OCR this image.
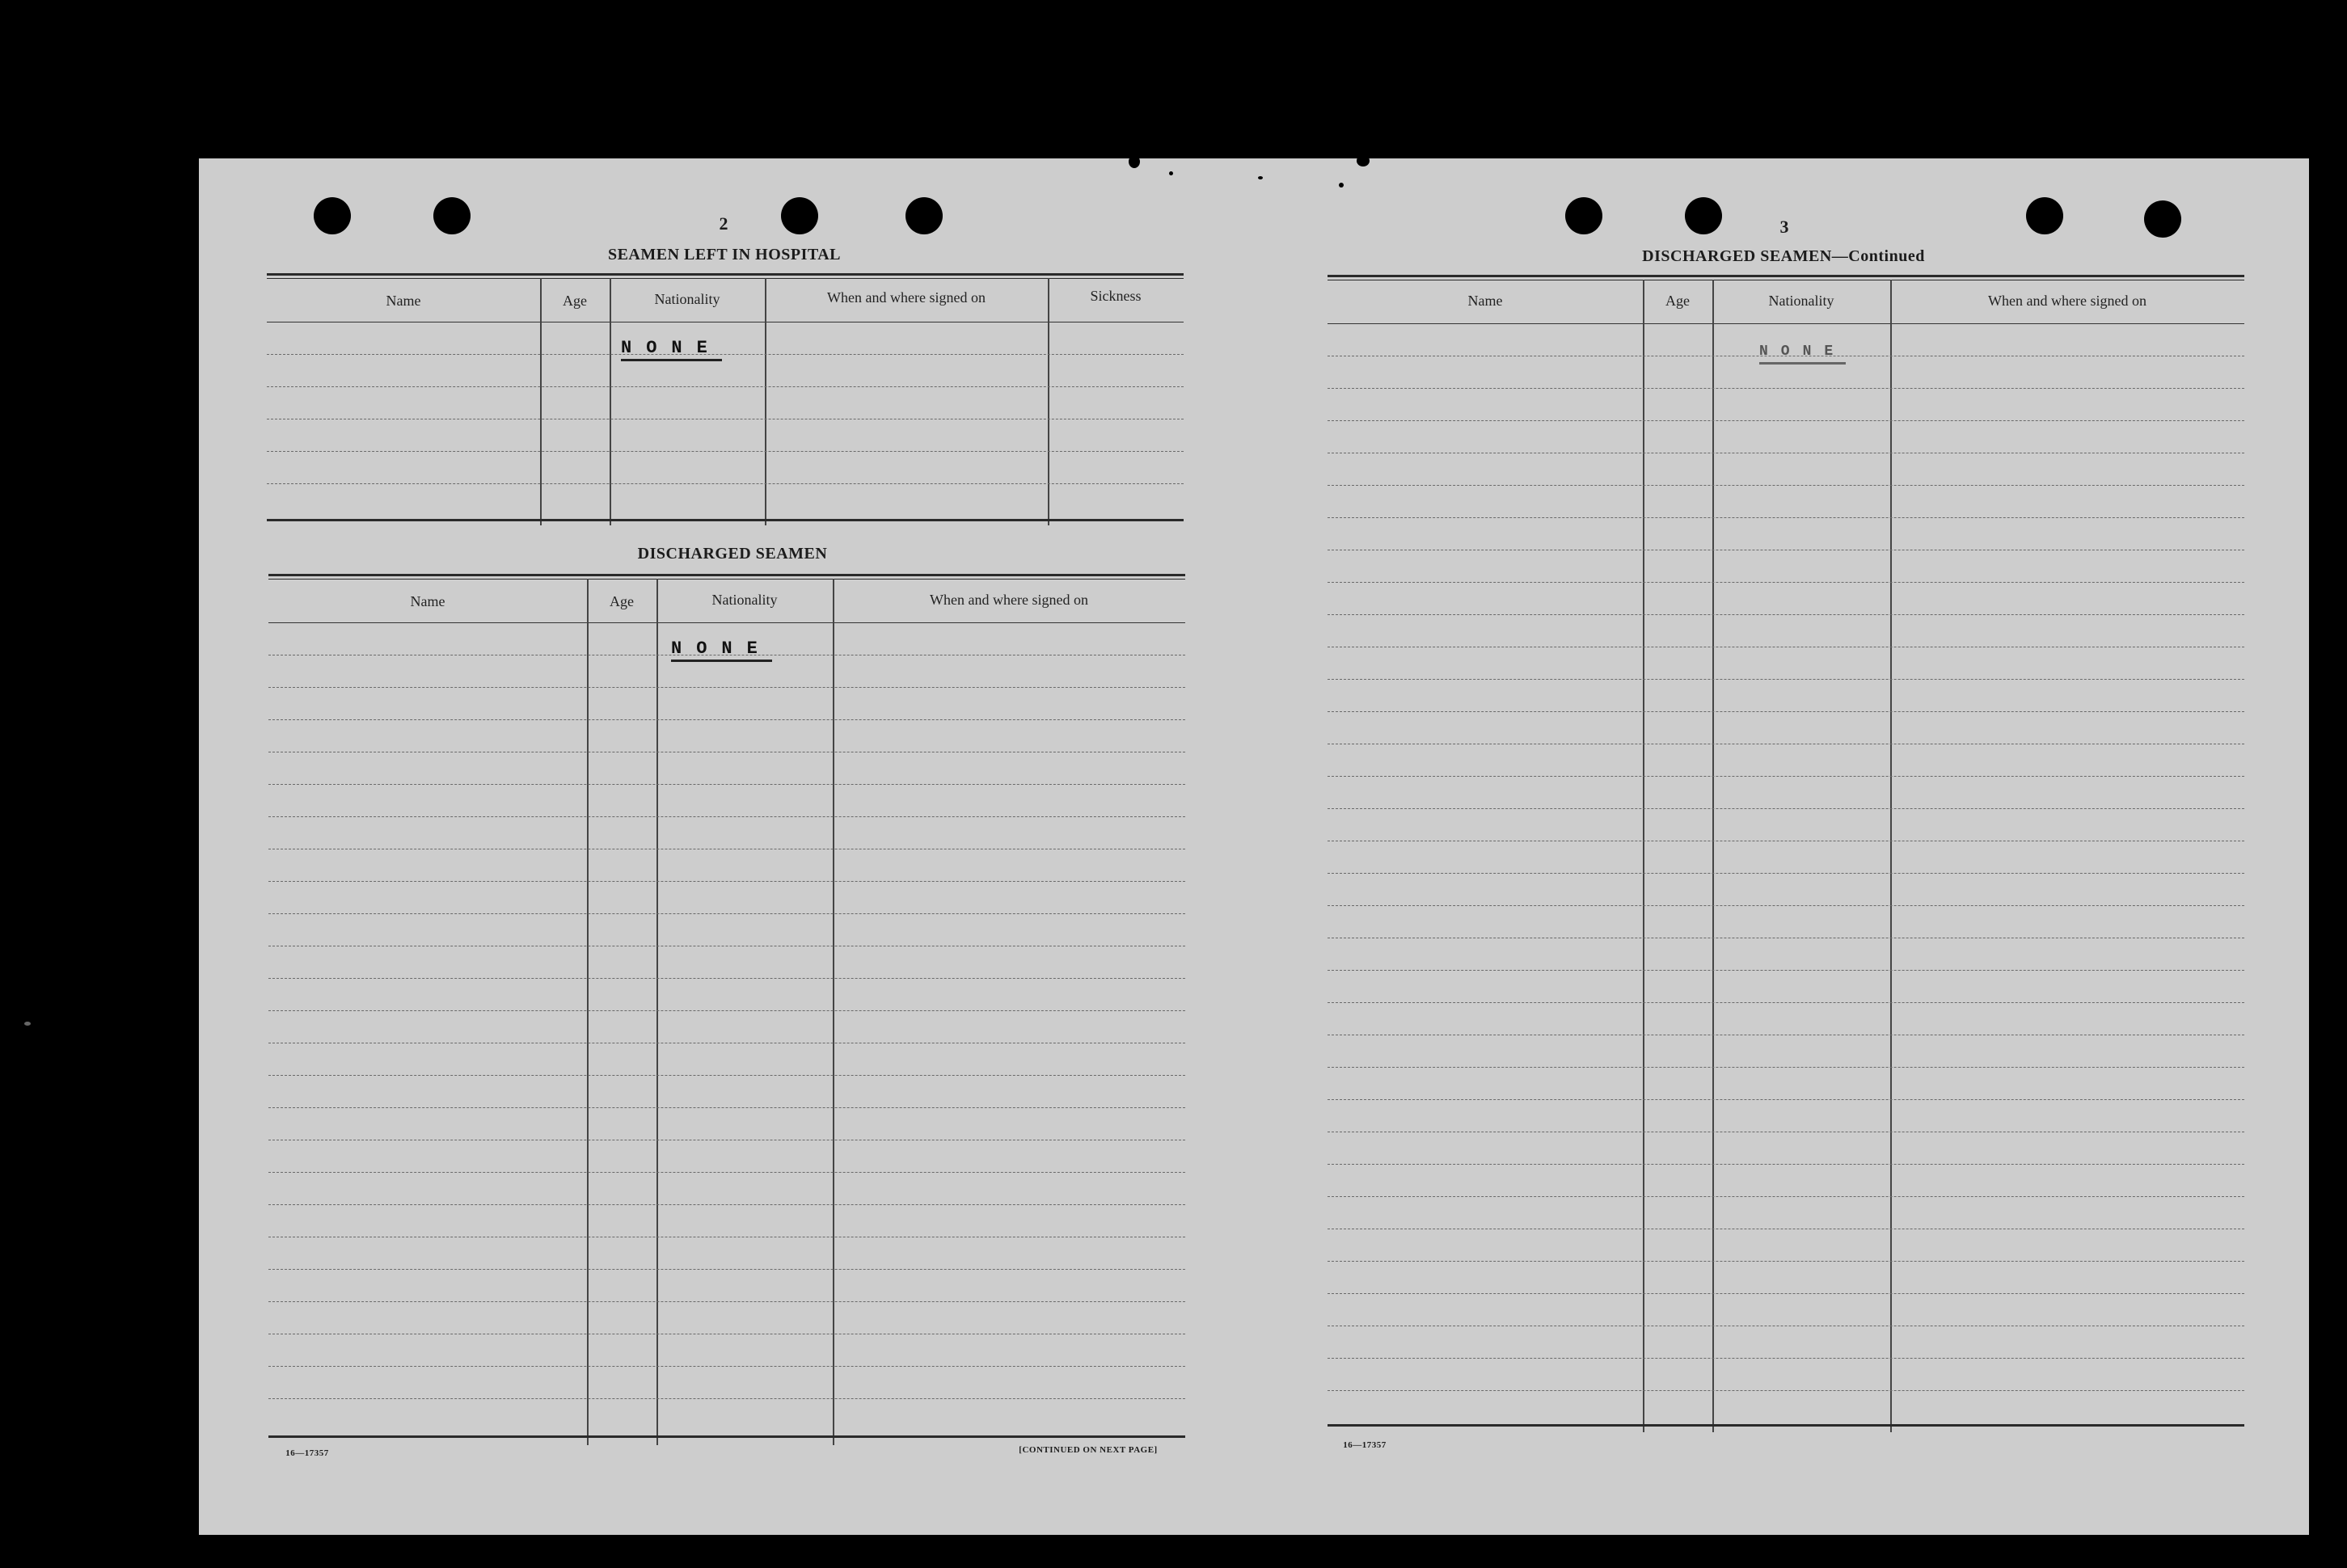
2
SEAMEN LEFT IN HOSPITAL
Name	Age	Nationality	When and where signed on	Sickness
NONE
DISCHARGED SEAMEN
Name	Age	Nationality	When and where signed on
NONE
16—17357	[CONTINUED ON NEXT PAGE]
3
DISCHARGED SEAMEN—Continued
Name	Age	Nationality	When and where signed on
NONE
16—17357
